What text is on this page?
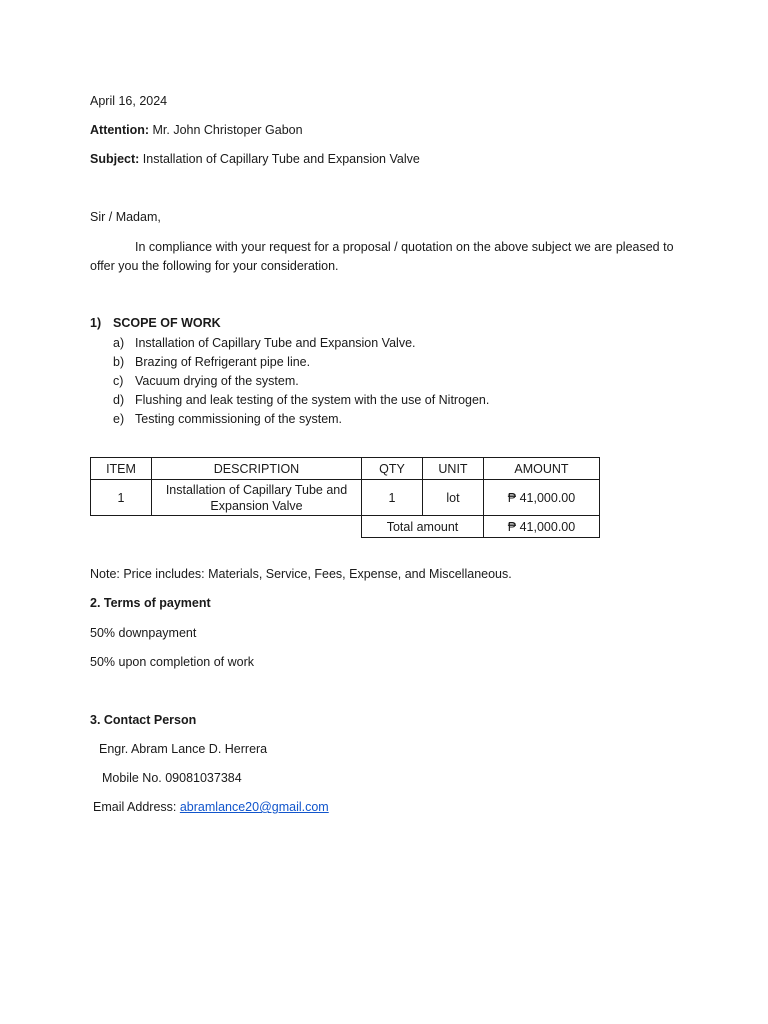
April 16, 2024
Attention: Mr. John Christoper Gabon
Subject: Installation of Capillary Tube and Expansion Valve
Sir / Madam,
In compliance with your request for a proposal / quotation on the above subject we are pleased to offer you the following for your consideration.
1) SCOPE OF WORK
a) Installation of Capillary Tube and Expansion Valve.
b) Brazing of Refrigerant pipe line.
c) Vacuum drying of the system.
d) Flushing and leak testing of the system with the use of Nitrogen.
e) Testing commissioning of the system.
ITEM	DESCRIPTION	QTY	UNIT	AMOUNT
1	Installation of Capillary Tube and Expansion Valve	1	lot	₱ 41,000.00
		Total amount		₱ 41,000.00
Note: Price includes: Materials, Service, Fees, Expense, and Miscellaneous.
2. Terms of payment
50% downpayment
50% upon completion of work
3. Contact Person
Engr. Abram Lance D. Herrera
Mobile No. 09081037384
Email Address: abramlance20@gmail.com
